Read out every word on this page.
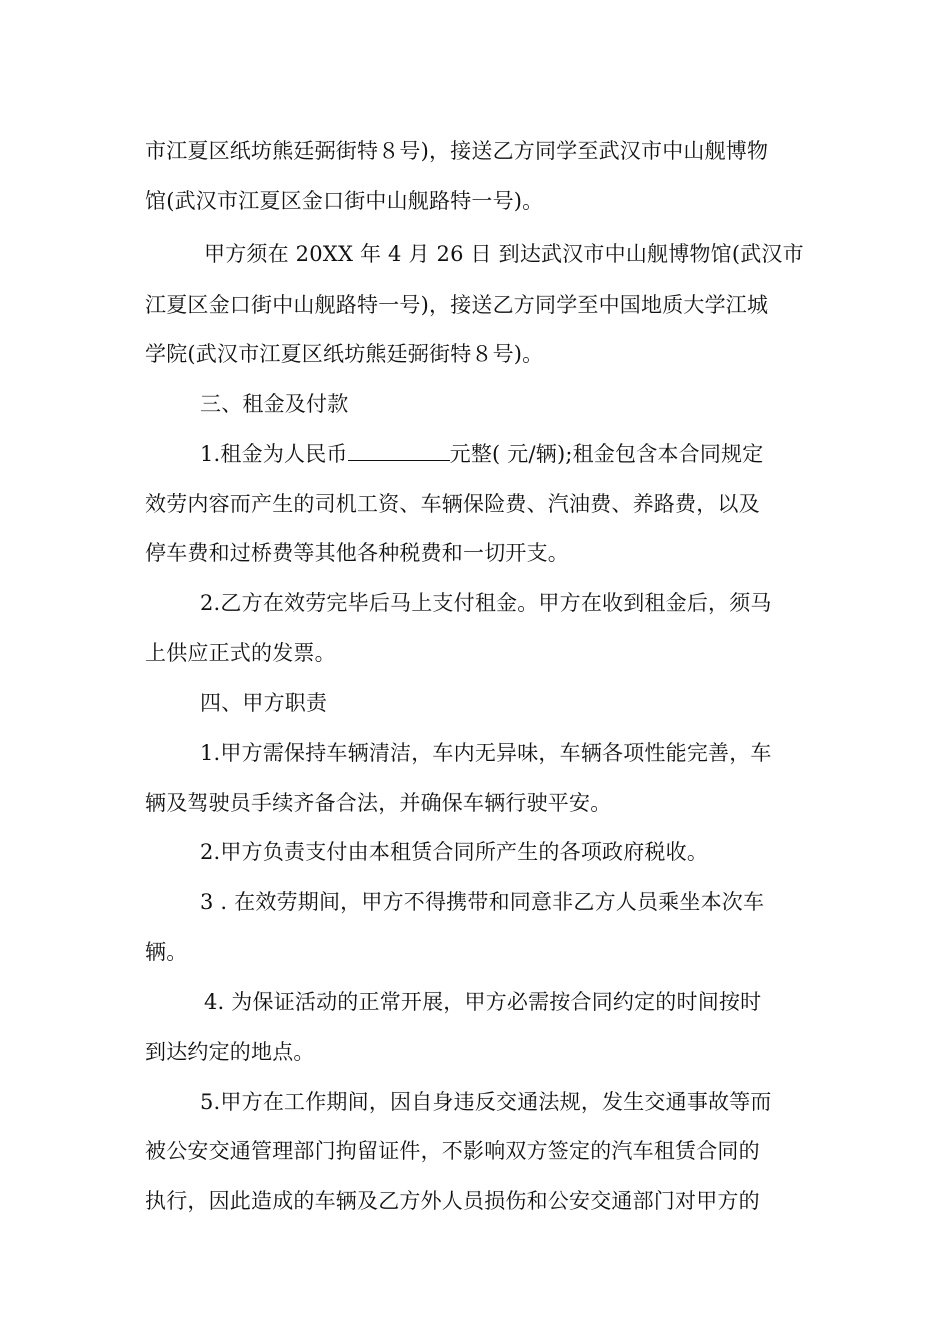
市江夏区纸坊熊廷弼街特８号)，接送乙方同学至武汉市中山舰博物
馆(武汉市江夏区金口街中山舰路特一号)。
甲方须在 20XX 年 4 月 26 日 到达武汉市中山舰博物馆(武汉市
江夏区金口街中山舰路特一号)，接送乙方同学至中国地质大学江城
学院(武汉市江夏区纸坊熊廷弼街特８号)。
三、租金及付款
1.租金为人民币	元整( 元/辆);租金包含本合同规定
效劳内容而产生的司机工资、车辆保险费、汽油费、养路费，以及
停车费和过桥费等其他各种税费和一切开支。
2.乙方在效劳完毕后马上支付租金。甲方在收到租金后，须马
上供应正式的发票。
四、甲方职责
1.甲方需保持车辆清洁，车内无异味，车辆各项性能完善，车
辆及驾驶员手续齐备合法，并确保车辆行驶平安。
2.甲方负责支付由本租赁合同所产生的各项政府税收。
3 . 在效劳期间，甲方不得携带和同意非乙方人员乘坐本次车
辆。
4. 为保证活动的正常开展，甲方必需按合同约定的时间按时
到达约定的地点。
5.甲方在工作期间，因自身违反交通法规，发生交通事故等而
被公安交通管理部门拘留证件，不影响双方签定的汽车租赁合同的
执行，因此造成的车辆及乙方外人员损伤和公安交通部门对甲方的
